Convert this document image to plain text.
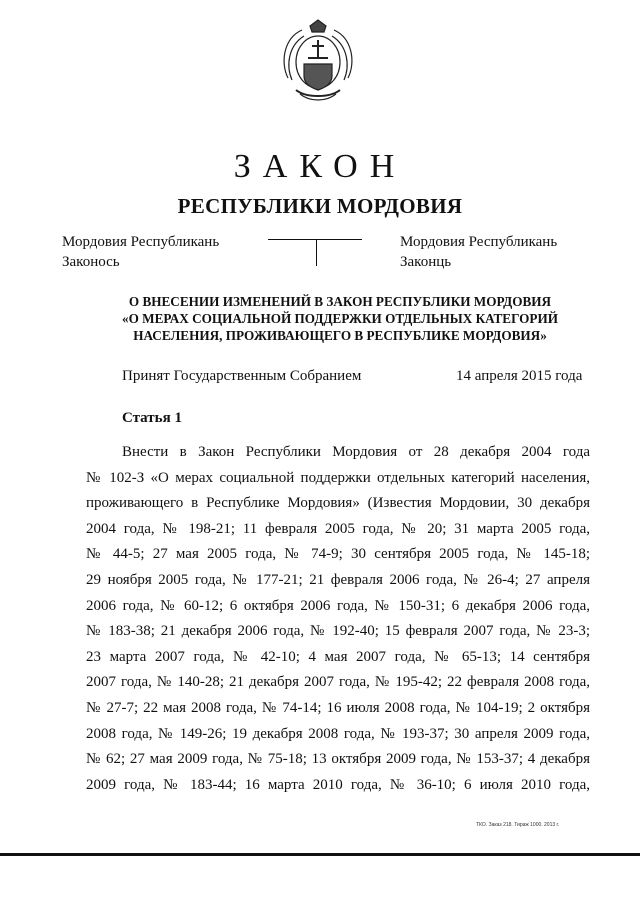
ЗАКОН
РЕСПУБЛИКИ МОРДОВИЯ
Мордовия Республикань
Законось
Мордовия Республикань
Законць
О ВНЕСЕНИИ ИЗМЕНЕНИЙ В ЗАКОН РЕСПУБЛИКИ МОРДОВИЯ
«О МЕРАХ СОЦИАЛЬНОЙ ПОДДЕРЖКИ ОТДЕЛЬНЫХ КАТЕГОРИЙ
НАСЕЛЕНИЯ, ПРОЖИВАЮЩЕГО В РЕСПУБЛИКЕ МОРДОВИЯ»
Принят Государственным Собранием	14 апреля 2015 года
Статья 1
Внести в Закон Республики Мордовия от 28 декабря 2004 года
№ 102-З «О мерах социальной поддержки отдельных категорий населения,
проживающего в Республике Мордовия» (Известия Мордовии, 30 декабря
2004 года, № 198-21; 11 февраля 2005 года, № 20; 31 марта 2005 года,
№ 44-5; 27 мая 2005 года, № 74-9; 30 сентября 2005 года, № 145-18;
29 ноября 2005 года, № 177-21; 21 февраля 2006 года, № 26-4; 27 апреля
2006 года, № 60-12; 6 октября 2006 года, № 150-31; 6 декабря 2006 года,
№ 183-38; 21 декабря 2006 года, № 192-40; 15 февраля 2007 года, № 23-3;
23 марта 2007 года, № 42-10; 4 мая 2007 года, № 65-13; 14 сентября
2007 года, № 140-28; 21 декабря 2007 года, № 195-42; 22 февраля 2008 года,
№ 27-7; 22 мая 2008 года, № 74-14; 16 июля 2008 года, № 104-19; 2 октября
2008 года, № 149-26; 19 декабря 2008 года, № 193-37; 30 апреля 2009 года,
№ 62; 27 мая 2009 года, № 75-18; 13 октября 2009 года, № 153-37; 4 декабря
2009 года, № 183-44; 16 марта 2010 года, № 36-10; 6 июля 2010 года,
ТКО. Заказ 218. Тираж 1000. 2013 г.
